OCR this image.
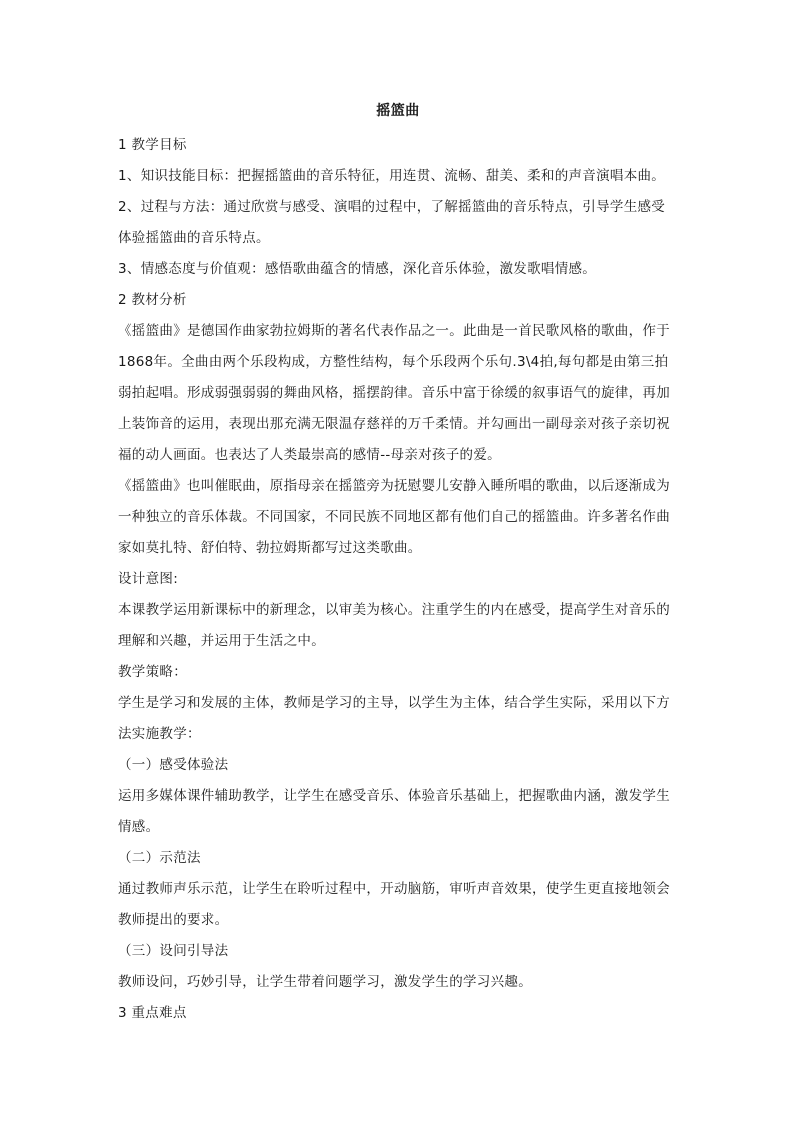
摇篮曲

1 教学目标

1、知识技能目标：把握摇篮曲的音乐特征，用连贯、流畅、甜美、柔和的声音演唱本曲。

2、过程与方法：通过欣赏与感受、演唱的过程中，了解摇篮曲的音乐特点，引导学生感受体验摇篮曲的音乐特点。

3、情感态度与价值观：感悟歌曲蕴含的情感，深化音乐体验，激发歌唱情感。

2 教材分析

《摇篮曲》是德国作曲家勃拉姆斯的著名代表作品之一。此曲是一首民歌风格的歌曲，作于1868年。全曲由两个乐段构成，方整性结构，每个乐段两个乐句.3\4拍,每句都是由第三拍弱拍起唱。形成弱强弱弱的舞曲风格，摇摆韵律。音乐中富于徐缓的叙事语气的旋律，再加上装饰音的运用，表现出那充满无限温存慈祥的万千柔情。并勾画出一副母亲对孩子亲切祝福的动人画面。也表达了人类最崇高的感情--母亲对孩子的爱。

《摇篮曲》也叫催眠曲，原指母亲在摇篮旁为抚慰婴儿安静入睡所唱的歌曲，以后逐渐成为一种独立的音乐体裁。不同国家，不同民族不同地区都有他们自己的摇篮曲。许多著名作曲家如莫扎特、舒伯特、勃拉姆斯都写过这类歌曲。

设计意图:

本课教学运用新课标中的新理念，以审美为核心。注重学生的内在感受，提高学生对音乐的理解和兴趣，并运用于生活之中。

教学策略：

学生是学习和发展的主体，教师是学习的主导，以学生为主体，结合学生实际，采用以下方法实施教学：

（一）感受体验法

运用多媒体课件辅助教学，让学生在感受音乐、体验音乐基础上，把握歌曲内涵，激发学生情感。

（二）示范法

通过教师声乐示范，让学生在聆听过程中，开动脑筋，审听声音效果，使学生更直接地领会教师提出的要求。

（三）设问引导法

教师设问，巧妙引导，让学生带着问题学习，激发学生的学习兴趣。

3 重点难点
